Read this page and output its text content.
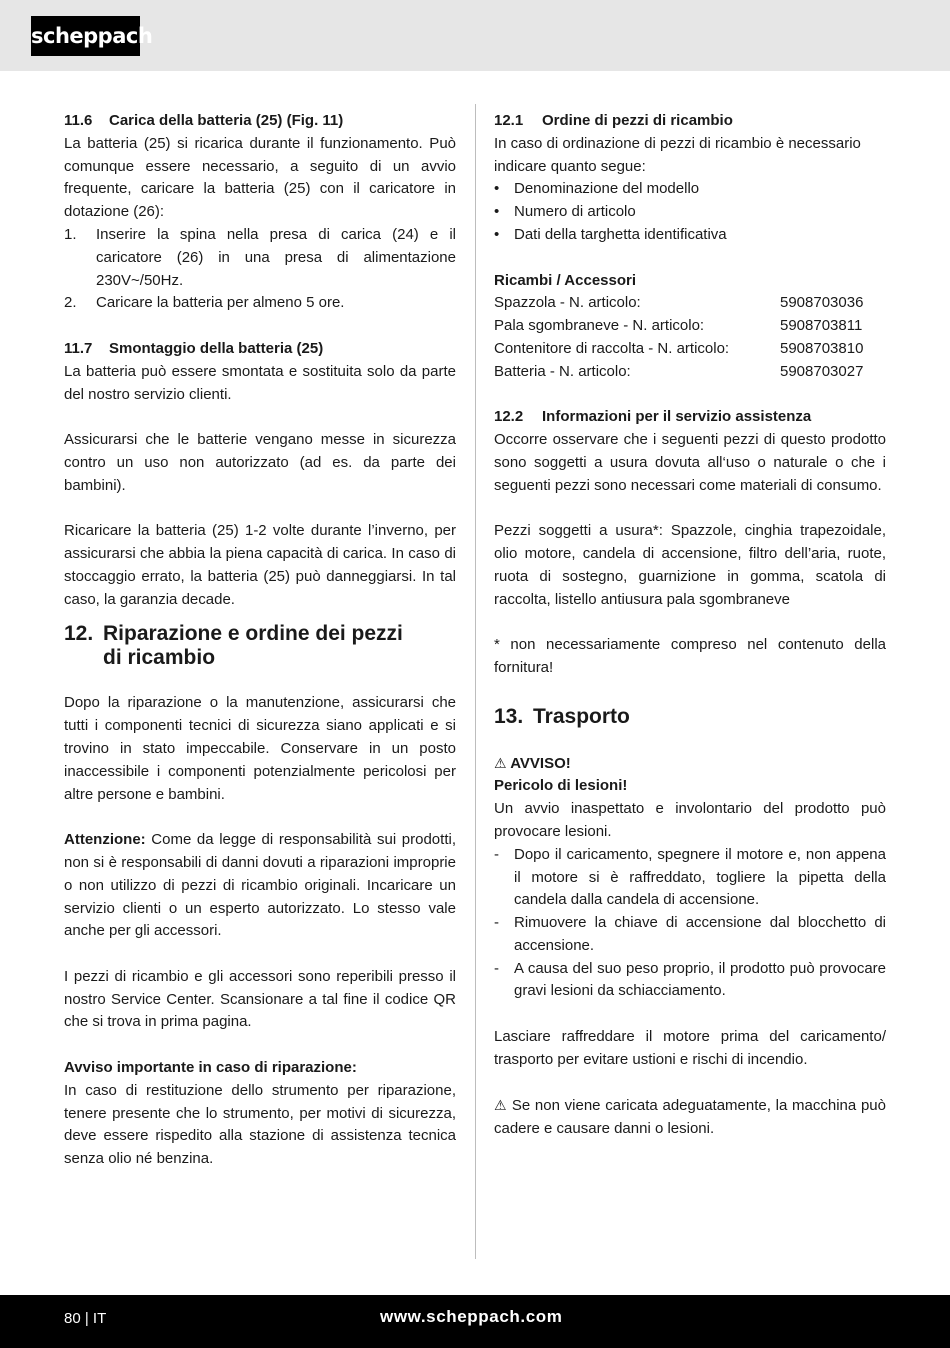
scheppach

11.6 Carica della batteria (25) (Fig. 11)

La batteria (25) si ricarica durante il funzionamento. Può comunque essere necessario, a seguito di un avvio frequente, caricare la batteria (25) con il caricatore in dotazione (26):

1. Inserire la spina nella presa di carica (24) e il caricatore (26) in una presa di alimentazione 230V~/50Hz.
2. Caricare la batteria per almeno 5 ore.

11.7 Smontaggio della batteria (25)

La batteria può essere smontata e sostituita solo da parte del nostro servizio clienti.

Assicurarsi che le batterie vengano messe in sicurezza contro un uso non autorizzato (ad es. da parte dei bambini).

Ricaricare la batteria (25) 1-2 volte durante l’inverno, per assicurarsi che abbia la piena capacità di carica. In caso di stoccaggio errato, la batteria (25) può danneggiarsi. In tal caso, la garanzia decade.

12. Riparazione e ordine dei pezzi
di ricambio

Dopo la riparazione o la manutenzione, assicurarsi che tutti i componenti tecnici di sicurezza siano applicati e si trovino in stato impeccabile. Conservare in un posto inaccessibile i componenti potenzialmente pericolosi per altre persone e bambini.

Attenzione: Come da legge di responsabilità sui prodotti, non si è responsabili di danni dovuti a riparazioni improprie o non utilizzo di pezzi di ricambio originali. Incaricare un servizio clienti o un esperto autorizzato. Lo stesso vale anche per gli accessori.

I pezzi di ricambio e gli accessori sono reperibili presso il nostro Service Center. Scansionare a tal fine il codice QR che si trova in prima pagina.

Avviso importante in caso di riparazione:

In caso di restituzione dello strumento per riparazione, tenere presente che lo strumento, per motivi di sicurezza, deve essere rispedito alla stazione di assistenza tecnica senza olio né benzina.

12.1 Ordine di pezzi di ricambio

In caso di ordinazione di pezzi di ricambio è necessario indicare quanto segue:

• Denominazione del modello
• Numero di articolo
• Dati della targhetta identificativa

Ricambi / Accessori

Spazzola - N. articolo:	5908703036
Pala sgombraneve - N. articolo:	5908703811
Contenitore di raccolta - N. articolo:	5908703810
Batteria - N. articolo:	5908703027

12.2 Informazioni per il servizio assistenza

Occorre osservare che i seguenti pezzi di questo prodotto sono soggetti a usura dovuta all‘uso o naturale o che i seguenti pezzi sono necessari come materiali di consumo.

Pezzi soggetti a usura*: Spazzole, cinghia trapezoidale, olio motore, candela di accensione, filtro dell’aria, ruote, ruota di sostegno, guarnizione in gomma, scatola di raccolta, listello antiusura pala sgombraneve

* non necessariamente compreso nel contenuto della fornitura!

13. Trasporto

⚠ AVVISO!

Pericolo di lesioni!

Un avvio inaspettato e involontario del prodotto può provocare lesioni.

- Dopo il caricamento, spegnere il motore e, non appena il motore si è raffreddato, togliere la pipetta della candela dalla candela di accensione.
- Rimuovere la chiave di accensione dal blocchetto di accensione.
- A causa del suo peso proprio, il prodotto può provocare gravi lesioni da schiacciamento.

Lasciare raffreddare il motore prima del caricamento/ trasporto per evitare ustioni e rischi di incendio.

⚠ Se non viene caricata adeguatamente, la macchina può cadere e causare danni o lesioni.

80 | IT	www.scheppach.com
